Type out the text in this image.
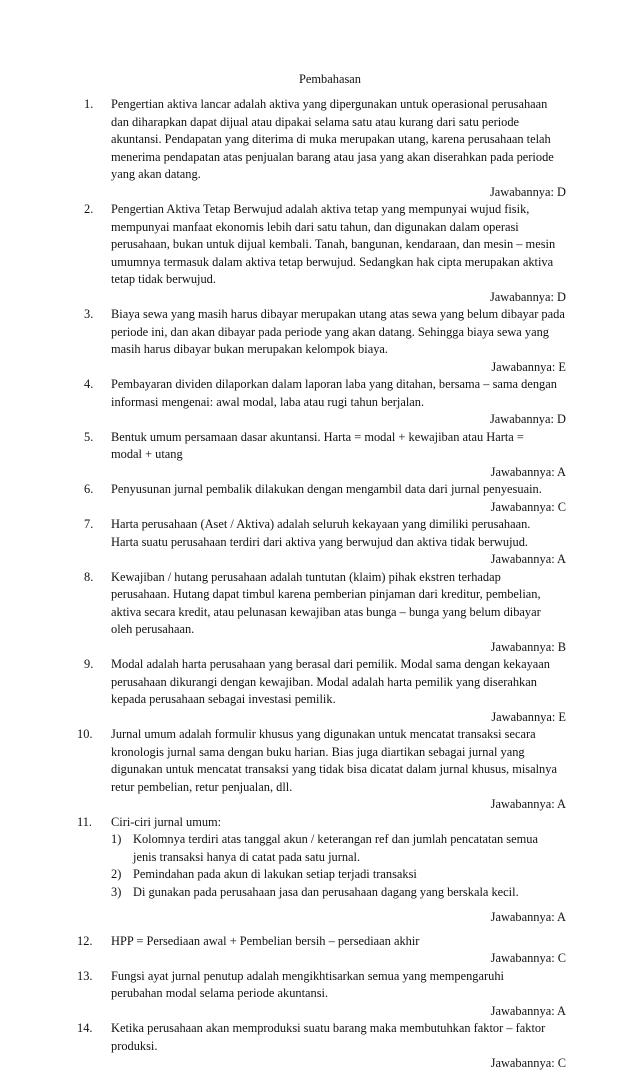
Pembahasan
1.	Pengertian aktiva lancar adalah aktiva yang dipergunakan untuk operasional perusahaan dan diharapkan dapat dijual atau dipakai selama satu atau kurang dari satu periode akuntansi. Pendapatan yang diterima di muka merupakan utang, karena perusahaan telah menerima pendapatan atas penjualan barang atau jasa yang akan diserahkan pada periode yang akan datang.
Jawabannya: D
2.	Pengertian Aktiva Tetap Berwujud adalah aktiva tetap yang mempunyai wujud fisik, mempunyai manfaat ekonomis lebih dari satu tahun, dan digunakan dalam operasi perusahaan, bukan untuk dijual kembali. Tanah, bangunan, kendaraan, dan mesin – mesin umumnya termasuk dalam aktiva tetap berwujud. Sedangkan hak cipta merupakan aktiva tetap tidak berwujud.
Jawabannya: D
3.	Biaya sewa yang masih harus dibayar merupakan utang atas sewa yang belum dibayar pada periode ini, dan akan dibayar pada periode yang akan datang. Sehingga biaya sewa yang masih harus dibayar bukan merupakan kelompok biaya.
Jawabannya: E
4.	Pembayaran dividen dilaporkan dalam laporan laba yang ditahan, bersama – sama dengan informasi mengenai: awal modal, laba atau rugi tahun berjalan.
Jawabannya: D
5.	Bentuk umum persamaan dasar akuntansi. Harta = modal + kewajiban atau Harta = modal + utang
Jawabannya: A
6.	Penyusunan jurnal pembalik dilakukan dengan mengambil data dari jurnal penyesuain.
Jawabannya: C
7.	Harta perusahaan (Aset / Aktiva) adalah seluruh kekayaan yang dimiliki perusahaan. Harta suatu perusahaan terdiri dari aktiva yang berwujud dan aktiva tidak berwujud.
Jawabannya: A
8.	Kewajiban / hutang perusahaan adalah tuntutan (klaim) pihak ekstren terhadap perusahaan. Hutang dapat timbul karena pemberian pinjaman dari kreditur, pembelian, aktiva secara kredit, atau pelunasan kewajiban atas bunga – bunga yang belum dibayar oleh perusahaan.
Jawabannya: B
9.	Modal adalah harta perusahaan yang berasal dari pemilik. Modal sama dengan kekayaan perusahaan dikurangi dengan kewajiban. Modal adalah harta pemilik yang diserahkan kepada perusahaan sebagai investasi pemilik.
Jawabannya: E
10.	Jurnal umum adalah formulir khusus yang digunakan untuk mencatat transaksi secara kronologis jurnal sama dengan buku harian. Bias juga diartikan sebagai jurnal yang digunakan untuk mencatat transaksi yang tidak bisa dicatat dalam jurnal khusus, misalnya retur pembelian, retur penjualan, dll.
Jawabannya: A
11.	Ciri-ciri jurnal umum:
1) Kolomnya terdiri atas tanggal akun / keterangan ref dan jumlah pencatatan semua jenis transaksi hanya di catat pada satu jurnal.
2) Pemindahan pada akun di lakukan setiap terjadi transaksi
3) Di gunakan pada perusahaan jasa dan perusahaan dagang yang berskala kecil.
Jawabannya: A
12.	HPP = Persediaan awal + Pembelian bersih – persediaan akhir
Jawabannya: C
13.	Fungsi ayat jurnal penutup adalah mengikhtisarkan semua yang mempengaruhi perubahan modal selama periode akuntansi.
Jawabannya: A
14.	Ketika perusahaan akan memproduksi suatu barang maka membutuhkan faktor – faktor produksi.
Jawabannya: C
